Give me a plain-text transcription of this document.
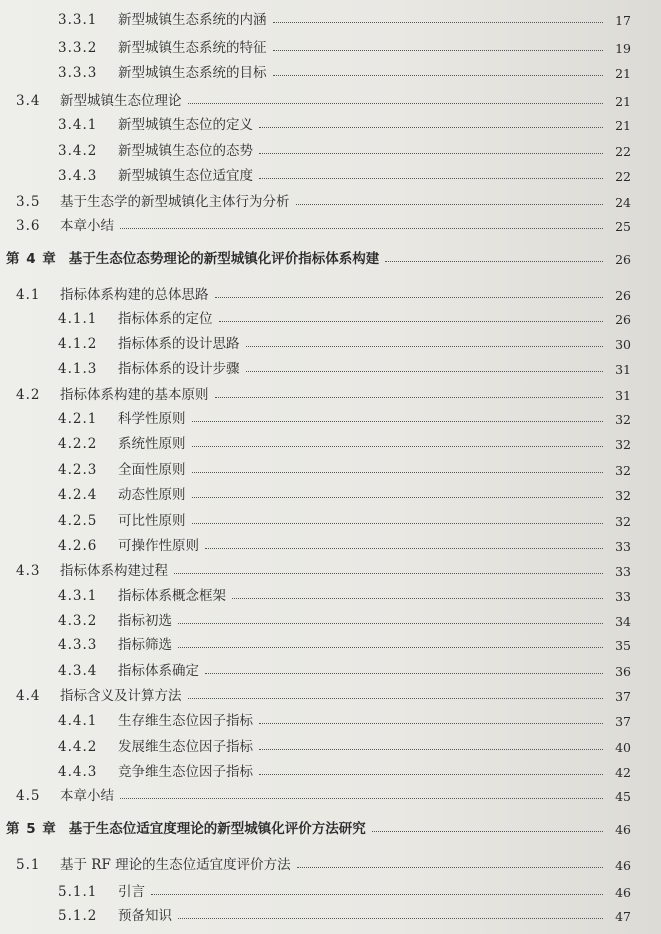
3.3.1	新型城镇生态系统的内涵	17
3.3.2	新型城镇生态系统的特征	19
3.3.3	新型城镇生态系统的目标	21
3.4	新型城镇生态位理论	21
3.4.1	新型城镇生态位的定义	21
3.4.2	新型城镇生态位的态势	22
3.4.3	新型城镇生态位适宜度	22
3.5	基于生态学的新型城镇化主体行为分析	24
3.6	本章小结	25
第 4 章 基于生态位态势理论的新型城镇化评价指标体系构建	26
4.1	指标体系构建的总体思路	26
4.1.1	指标体系的定位	26
4.1.2	指标体系的设计思路	30
4.1.3	指标体系的设计步骤	31
4.2	指标体系构建的基本原则	31
4.2.1	科学性原则	32
4.2.2	系统性原则	32
4.2.3	全面性原则	32
4.2.4	动态性原则	32
4.2.5	可比性原则	32
4.2.6	可操作性原则	33
4.3	指标体系构建过程	33
4.3.1	指标体系概念框架	33
4.3.2	指标初选	34
4.3.3	指标筛选	35
4.3.4	指标体系确定	36
4.4	指标含义及计算方法	37
4.4.1	生存维生态位因子指标	37
4.4.2	发展维生态位因子指标	40
4.4.3	竞争维生态位因子指标	42
4.5	本章小结	45
第 5 章 基于生态位适宜度理论的新型城镇化评价方法研究	46
5.1	基于 RF 理论的生态位适宜度评价方法	46
5.1.1	引言	46
5.1.2	预备知识	47
